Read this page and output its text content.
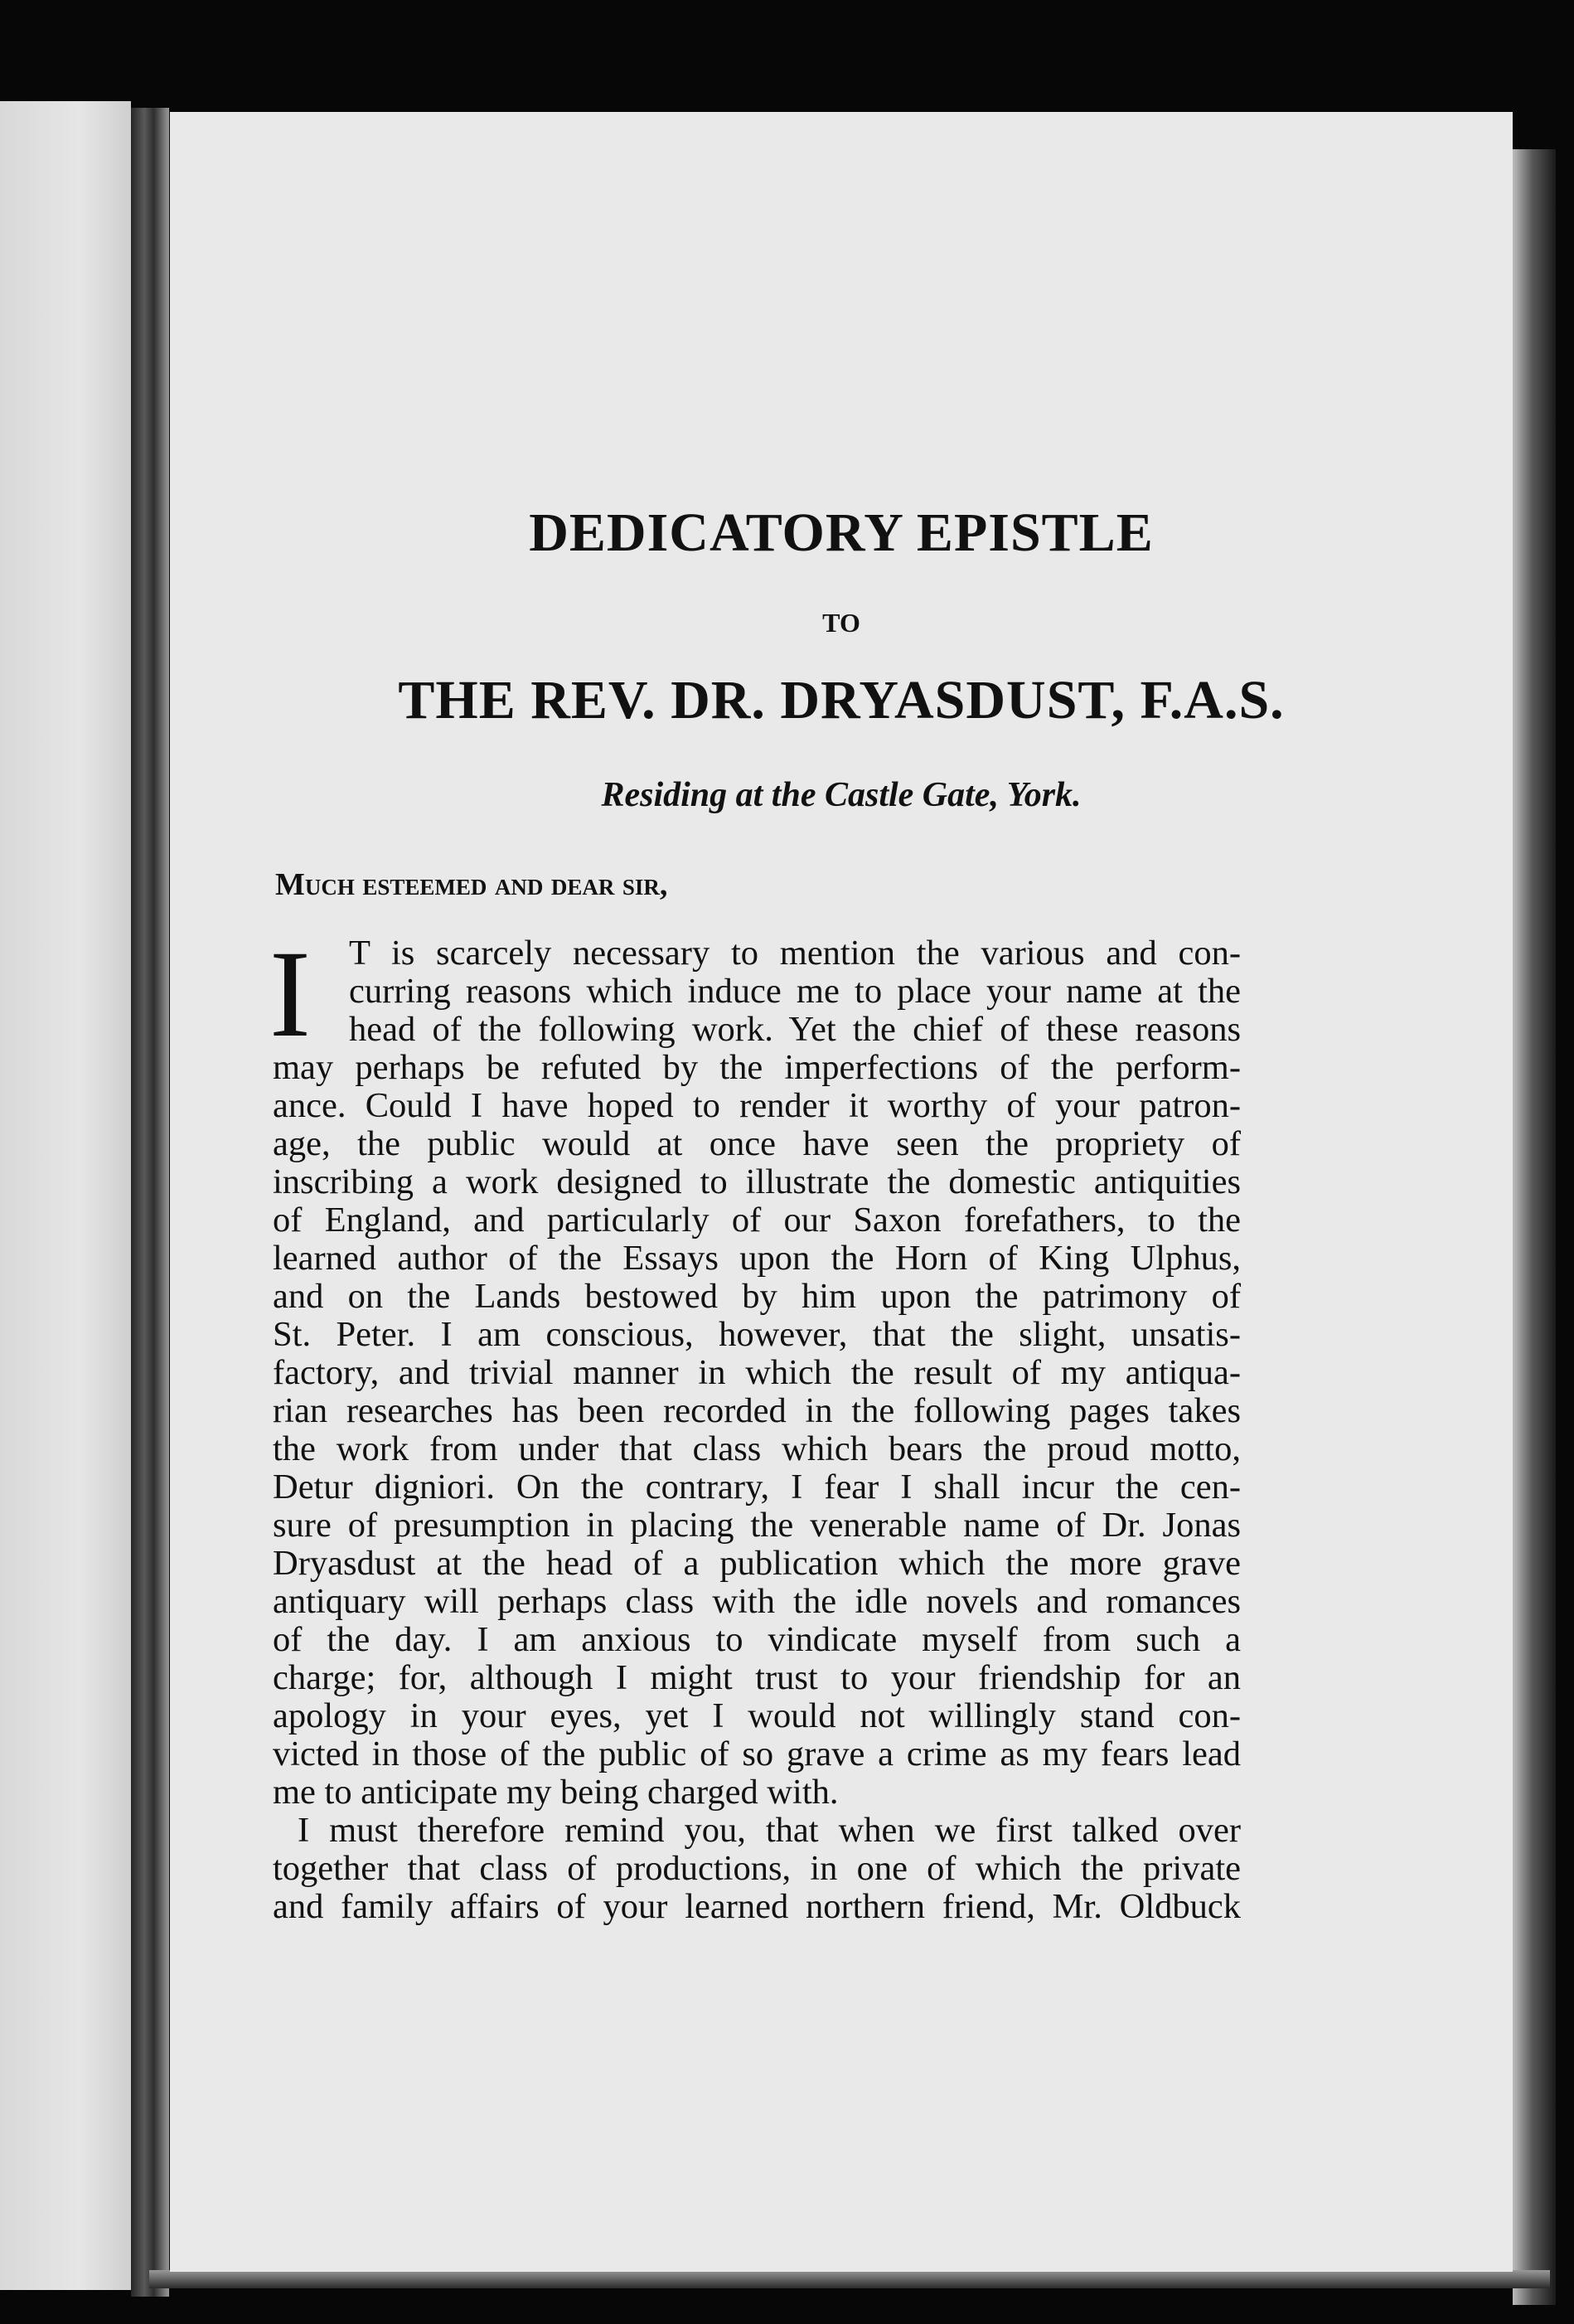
DEDICATORY EPISTLE
TO
THE REV. DR. DRYASDUST, F.A.S.
Residing at the Castle Gate, York.
Much esteemed and dear sir,
I T is scarcely necessary to mention the various and con-
curring reasons which induce me to place your name at the
head of the following work. Yet the chief of these reasons
may perhaps be refuted by the imperfections of the perform-
ance. Could I have hoped to render it worthy of your patron-
age, the public would at once have seen the propriety of
inscribing a work designed to illustrate the domestic antiquities
of England, and particularly of our Saxon forefathers, to the
learned author of the Essays upon the Horn of King Ulphus,
and on the Lands bestowed by him upon the patrimony of
St. Peter. I am conscious, however, that the slight, unsatis-
factory, and trivial manner in which the result of my antiqua-
rian researches has been recorded in the following pages takes
the work from under that class which bears the proud motto,
Detur digniori. On the contrary, I fear I shall incur the cen-
sure of presumption in placing the venerable name of Dr. Jonas
Dryasdust at the head of a publication which the more grave
antiquary will perhaps class with the idle novels and romances
of the day. I am anxious to vindicate myself from such a
charge; for, although I might trust to your friendship for an
apology in your eyes, yet I would not willingly stand con-
victed in those of the public of so grave a crime as my fears lead
me to anticipate my being charged with.
I must therefore remind you, that when we first talked over
together that class of productions, in one of which the private
and family affairs of your learned northern friend, Mr. Oldbuck
